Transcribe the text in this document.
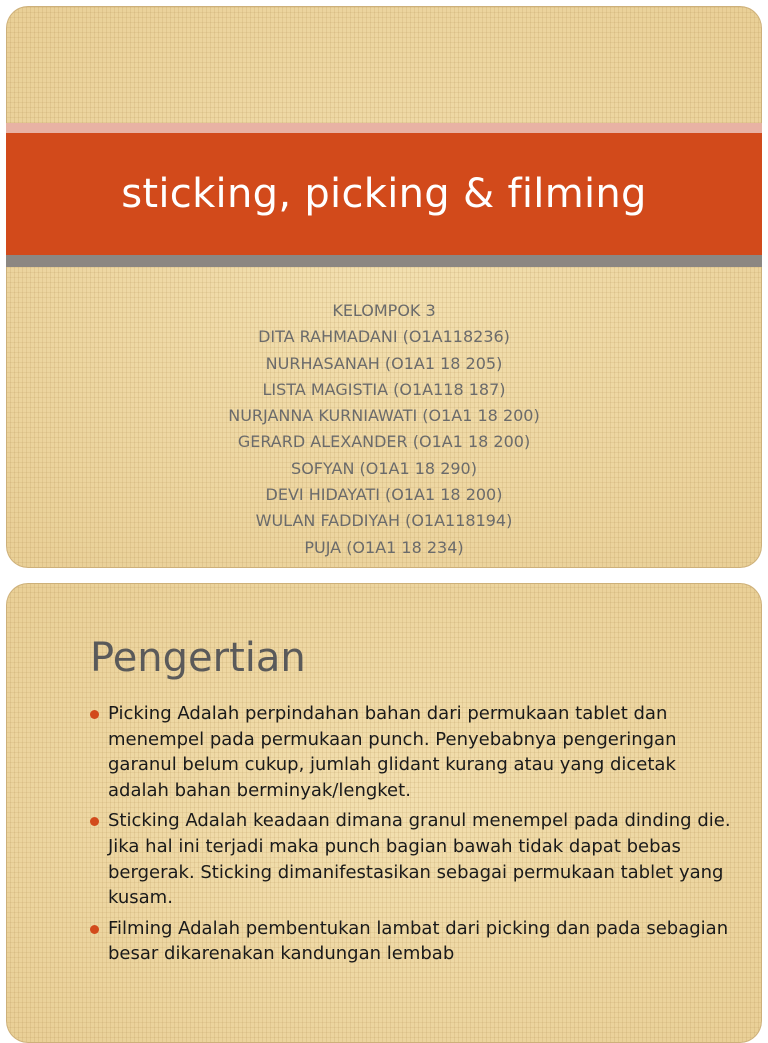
sticking, picking & filming
KELOMPOK 3
DITA RAHMADANI (O1A118236)
NURHASANAH (O1A1 18 205)
LISTA MAGISTIA (O1A118 187)
NURJANNA KURNIAWATI (O1A1 18 200)
GERARD ALEXANDER (O1A1 18 200)
SOFYAN (O1A1 18 290)
DEVI HIDAYATI (O1A1 18 200)
WULAN FADDIYAH (O1A118194)
PUJA (O1A1 18 234)
Pengertian
Picking Adalah perpindahan bahan dari permukaan tablet dan menempel pada permukaan punch. Penyebabnya pengeringan garanul belum cukup, jumlah glidant kurang atau yang dicetak adalah bahan berminyak/lengket.
Sticking Adalah keadaan dimana granul menempel pada dinding die. Jika hal ini terjadi maka punch bagian bawah tidak dapat bebas bergerak. Sticking dimanifestasikan sebagai permukaan tablet yang kusam.
Filming Adalah pembentukan lambat dari picking dan pada sebagian besar dikarenakan kandungan lembab
